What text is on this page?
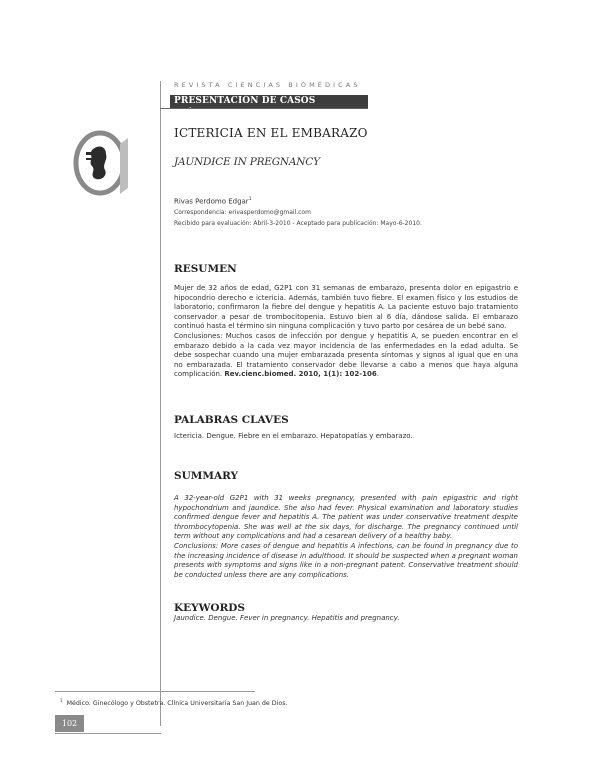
REVISTA CIENCIAS BIOMÉDICAS
PRESENTACIÓN DE CASOS CLÍNICOS
ICTERICIA EN EL EMBARAZO
JAUNDICE IN PREGNANCY
Rivas Perdomo Edgar$^1$
Correspondencia: erivasperdomo@gmail.com
Recibido para evaluación: Abril-3-2010 - Aceptado para publicación: Mayo-6-2010.
RESUMEN
Mujer de 32 años de edad, G2P1 con 31 semanas de embarazo, presenta dolor en epigastrio e hipocondrio derecho e ictericia. Además, también tuvo fiebre. El examen físico y los estudios de laboratorio, confirmaron la fiebre del dengue y hepatitis A. La paciente estuvo bajo tratamiento conservador a pesar de trombocitopenia. Estuvo bien al 6 día, dándose salida. El embarazo continuó hasta el término sin ninguna complicación y tuvo parto por cesárea de un bebé sano.
Conclusiones: Muchos casos de infección por dengue y hepatitis A, se pueden encontrar en el embarazo debido a la cada vez mayor incidencia de las enfermedades en la edad adulta. Se debe sospechar cuando una mujer embarazada presenta síntomas y signos al igual que en una no embarazada. El tratamiento conservador debe llevarse a cabo a menos que haya alguna complicación. Rev.cienc.biomed. 2010, 1(1): 102-106.
PALABRAS CLAVES
Ictericia. Dengue. Fiebre en el embarazo. Hepatopatías y embarazo.
SUMMARY
A 32-year-old G2P1 with 31 weeks pregnancy, presented with pain epigastric and right hypochondrium and jaundice. She also had fever. Physical examination and laboratory studies confirmed dengue fever and hepatitis A. The patient was under conservative treatment despite thrombocytopenia. She was well at the six days, for discharge. The pregnancy continued until term without any complications and had a cesarean delivery of a healthy baby.
Conclusions: More cases of dengue and hepatitis A infections, can be found in pregnancy due to the increasing incidence of disease in adulthood. It should be suspected when a pregnant woman presents with symptoms and signs like in a non-pregnant patent. Conservative treatment should be conducted unless there are any complications.
KEYWORDS
Jaundice. Dengue. Fever in pregnancy. Hepatitis and pregnancy.
$^1$ Médico. Ginecólogo y Obstetra. Clínica Universitaria San Juan de Dios.
102
